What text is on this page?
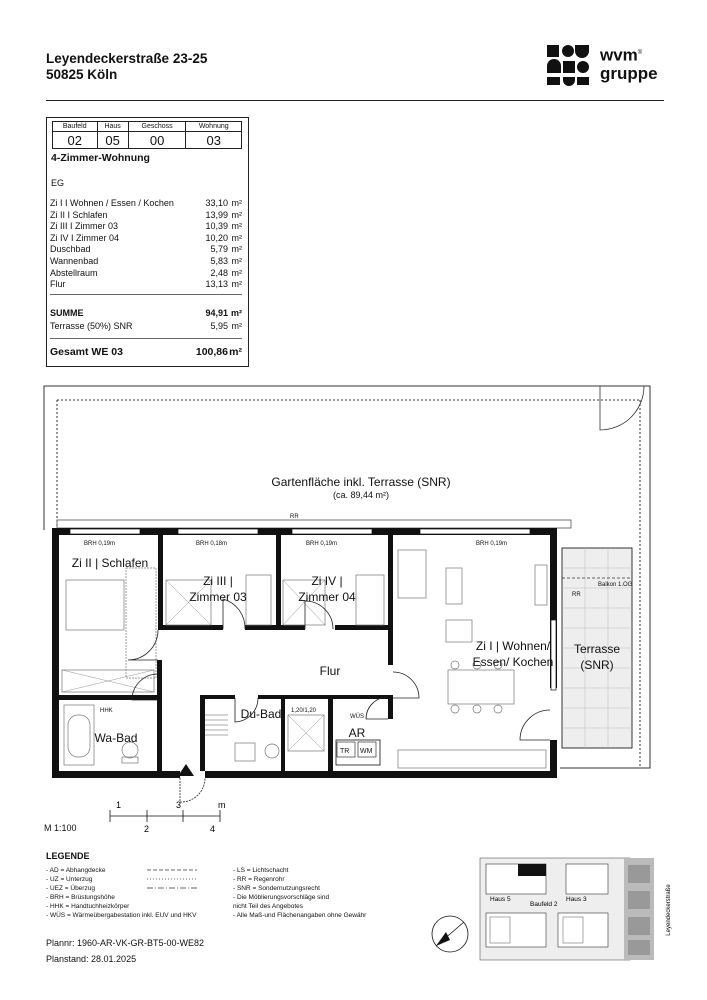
Leyendeckerstraße 23-25
50825 Köln
wvm®
gruppe
Baufeld	Haus	Geschoss	Wohnung
02	05	00	03
4-Zimmer-Wohnung
EG
Zi I I Wohnen / Essen / Kochen	33,10 m²
Zi II I Schlafen	13,99 m²
Zi III I Zimmer 03	10,39 m²
Zi IV I Zimmer 04	10,20 m²
Duschbad	5,79 m²
Wannenbad	5,83 m²
Abstellraum	2,48 m²
Flur	13,13 m²
SUMME	94,91 m²
Terrasse (50%) SNR	5,95 m²
Gesamt WE 03	100,86 m²
Gartenfläche inkl. Terrasse (SNR)
(ca. 89,44 m²)
RR
BRH 0,19m	BRH 0,18m	BRH 0,19m	BRH 0,19m
Zi II | Schlafen
Zi III |
Zimmer 03
Zi IV |
Zimmer 04
Zi I | Wohnen/
Essen/ Kochen
Flur
Du-Bad
Wa-Bad	AR
WÜS
TR WM
HHK	1,20/1,20
Terrasse
(SNR)
Balkon 1.OG
RR
1	3	m
2	4
M 1:100
LEGENDE
- AD = Abhangdecke
- UZ = Unterzug
- UEZ = Überzug
- BRH = Brüstungshöhe
- HHK = Handtuchheizkörper
- WÜS = Wärmeübergabestation inkl. EUV und HKV
- LS = Lichtschacht
- RR = Regenrohr
- SNR = Sondernutzungsrecht
- Die Möblierungsvorschläge sind
nicht Teil des Angebotes
- Alle Maß-und Flächenangaben ohne Gewähr
Plannr: 1960-AR-VK-GR-BT5-00-WE82
Planstand: 28.01.2025
Haus 5
Baufeld 2
Haus 3	Leyendeckerstraße
